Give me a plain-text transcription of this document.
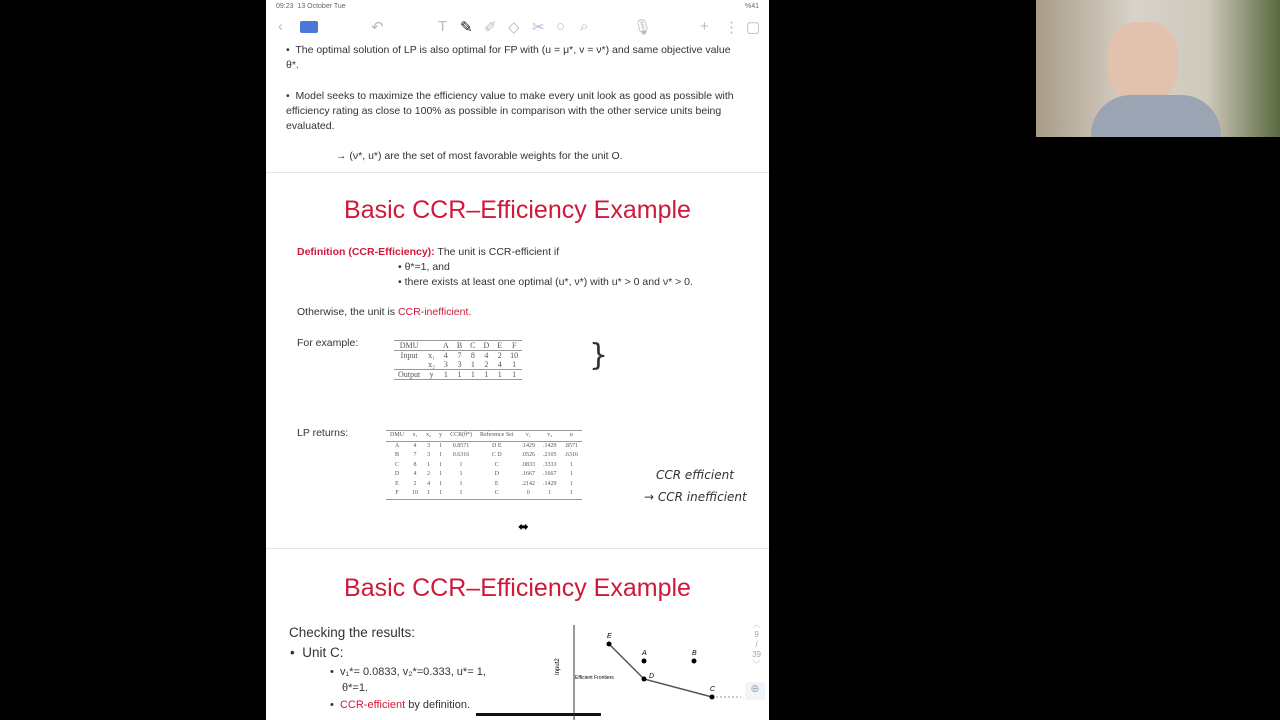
09:23 13 October Tue	%41
‹	↶	T ✎ ✐ ◇ ✂ ○ ⌕	🎙	+ ⋮ ▢
•  The optimal solution of LP is also optimal for FP with (u = μ*, v = ν*) and same objective value θ*.
•  Model seeks to maximize the efficiency value to make every unit look as good as possible with efficiency rating as close to 100% as possible in comparison with the other service units being evaluated.
→ (ν*, u*) are the set of most favorable weights for the unit O.
Basic CCR–Efficiency Example
Definition (CCR-Efficiency): The unit is CCR-efficient if
• θ*=1, and
• there exists at least one optimal (u*, ν*) with u* > 0 and ν* > 0.
Otherwise, the unit is CCR-inefficient.
For example:	DMU		A	B	C	D	E	F
Input	x₁	4	7	8	4	2	10
	x₂	3	3	1	2	4	1
Output	y	1	1	1	1	1	1
}
LP returns:	DMU	x₁	x₂	y	CCR(θ*)	Reference Set	v₁	v₂	u
A	4	3	1	0.8571	D E	.1429	.1429	.8571
B	7	3	1	0.6316	C D	.0526	.2105	.6316
C	8	1	1	1	C	.0833	.3333	1
D	4	2	1	1	D	.1667	.1667	1
E	2	4	1	1	E	.2142	.1429	1
F	10	1	1	1	C	0	1	1
CCR efficient
→ CCR inefficient
Basic CCR–Efficiency Example
Checking the results:
•  Unit C:
•  v₁*= 0.0833, v₂*=0.333, u*= 1,
θ*=1.
•  CCR-efficient by definition.
Input2
E
A	B
D
C
Efficient Frontiers
︿
9
/
39
﹀
⊕
⬌
